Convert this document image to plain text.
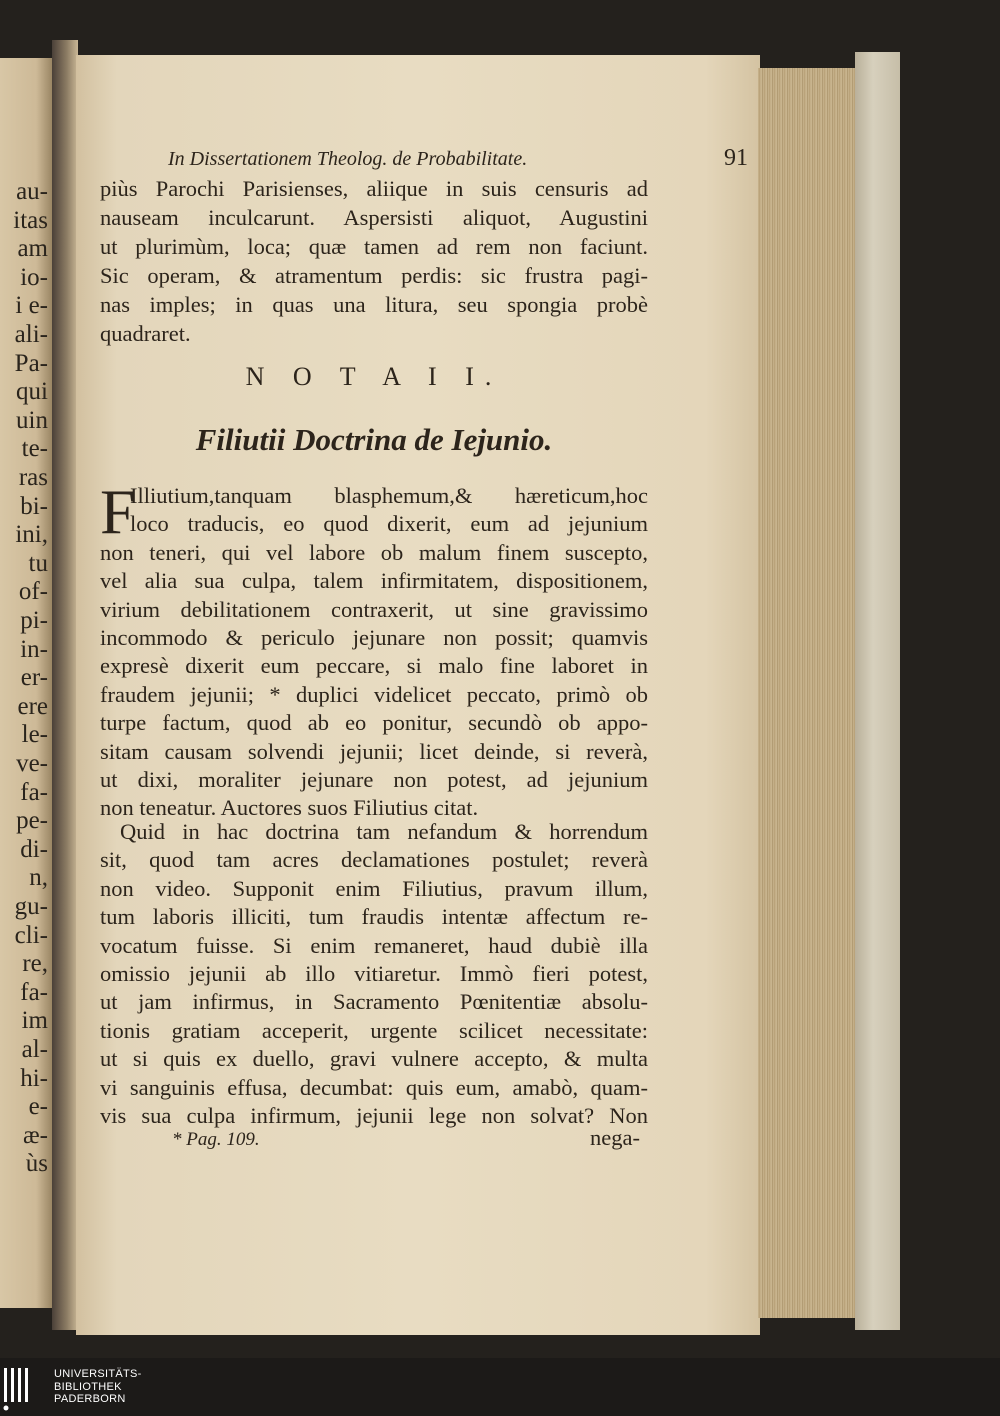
au-
itas
am
io-
i e-
ali-
Pa-
qui
uin
te-
ras
bi-
ini,
tu
of-
pi-
in-
er-
ere
le-
ve-
fa-
pe-
di-
n,
gu-
cli-
re,
fa-
im
al-
hi-
e-
æ-
ùs
In Dissertationem Theolog. de Probabilitate.	91
piùs Parochi Parisienses, aliique in suis censuris ad
nauseam inculcarunt. Aspersisti aliquot, Augustini
ut plurimùm, loca; quæ tamen ad rem non faciunt.
Sic operam, & atramentum perdis: sic frustra pagi-
nas imples; in quas una litura, seu spongia probè
quadraret.
N O T A I I.
Filiutii Doctrina de Iejunio.
F
Illiutium,tanquam blasphemum,& hæreticum,hoc
loco traducis, eo quod dixerit, eum ad jejunium
non teneri, qui vel labore ob malum finem suscepto,
vel alia sua culpa, talem infirmitatem, dispositionem,
virium debilitationem contraxerit, ut sine gravissimo
incommodo & periculo jejunare non possit; quamvis
expresè dixerit eum peccare, si malo fine laboret in
fraudem jejunii; * duplici videlicet peccato, primò ob
turpe factum, quod ab eo ponitur, secundò ob appo-
sitam causam solvendi jejunii; licet deinde, si reverà,
ut dixi, moraliter jejunare non potest, ad jejunium
non teneatur. Auctores suos Filiutius citat.
Quid in hac doctrina tam nefandum & horrendum
sit, quod tam acres declamationes postulet; reverà
non video. Supponit enim Filiutius, pravum illum,
tum laboris illiciti, tum fraudis intentæ affectum re-
vocatum fuisse. Si enim remaneret, haud dubiè illa
omissio jejunii ab illo vitiaretur. Immò fieri potest,
ut jam infirmus, in Sacramento Pœnitentiæ absolu-
tionis gratiam acceperit, urgente scilicet necessitate:
ut si quis ex duello, gravi vulnere accepto, & multa
vi sanguinis effusa, decumbat: quis eum, amabò, quam-
vis sua culpa infirmum, jejunii lege non solvat? Non
* Pag. 109.	nega-
UNIVERSITÄTS-
BIBLIOTHEK
PADERBORN
